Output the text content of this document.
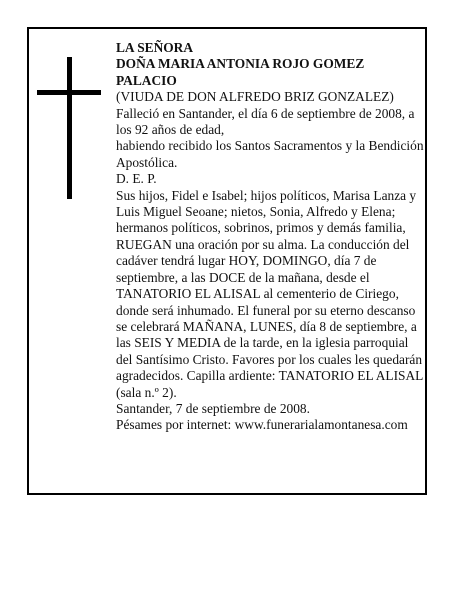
LA SEÑORA
DOÑA MARIA ANTONIA ROJO GOMEZ
PALACIO
(VIUDA DE DON ALFREDO BRIZ GONZALEZ)
Falleció en Santander, el día 6 de septiembre de 2008, a los 92 años de edad,
habiendo recibido los Santos Sacramentos y la Bendición Apostólica.
D. E. P.
Sus hijos, Fidel e Isabel; hijos políticos, Marisa Lanza y Luis Miguel Seoane; nietos, Sonia, Alfredo y Elena; hermanos políticos, sobrinos, primos y demás familia, RUEGAN una oración por su alma. La conducción del cadáver tendrá lugar HOY, DOMINGO, día 7 de septiembre, a las DOCE de la mañana, desde el TANATORIO EL ALISAL al cementerio de Ciriego, donde será inhumado. El funeral por su eterno descanso se celebrará MAÑANA, LUNES, día 8 de septiembre, a las SEIS Y MEDIA de la tarde, en la iglesia parroquial del Santísimo Cristo. Favores por los cuales les quedarán agradecidos. Capilla ardiente: TANATORIO EL ALISAL (sala n.º 2).
Santander, 7 de septiembre de 2008.
Pésames por internet: www.funerarialamontanesa.com
